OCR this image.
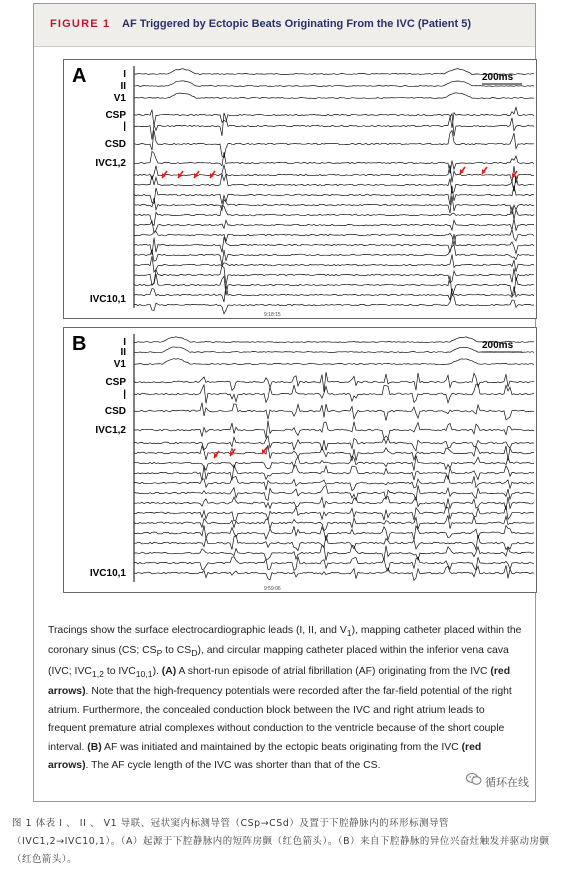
FIGURE 1 AF Triggered by Ectopic Beats Originating From the IVC (Patient 5)
A	200ms
I
II
V1
CSP
|
CSD
IVC1,2
IVC10,1
9:18:15
B	200ms
I
II
V1
CSP
|
CSD
IVC1,2
IVC10,1
9:59:06
Tracings show the surface electrocardiographic leads (I, II, and $V_1$), mapping catheter placed within the coronary sinus (CS; $CS_P$ to $CS_D$), and circular mapping catheter placed within the inferior vena cava (IVC; $IVC_{1,2}$ to $IVC_{10,1}$). (A) A short-run episode of atrial fibrillation (AF) originating from the IVC (red arrows). Note that the high-frequency potentials were recorded after the far-field potential of the right atrium. Furthermore, the concealed conduction block between the IVC and right atrium leads to frequent premature atrial complexes without conduction to the ventricle because of the short couple interval. (B) AF was initiated and maintained by the ectopic beats originating from the IVC (red arrows). The AF cycle length of the IVC was shorter than that of the CS.
循环在线
图 1 体表 I 、 II 、 V1 导联、冠状窦内标测导管（CSp→CSd）及置于下腔静脉内的环形标测导管（IVC1,2→IVC10,1）。（A）起源于下腔静脉内的短阵房颤（红色箭头）。（B）来自下腔静脉的异位兴奋灶触发并驱动房颤（红色箭头）。
